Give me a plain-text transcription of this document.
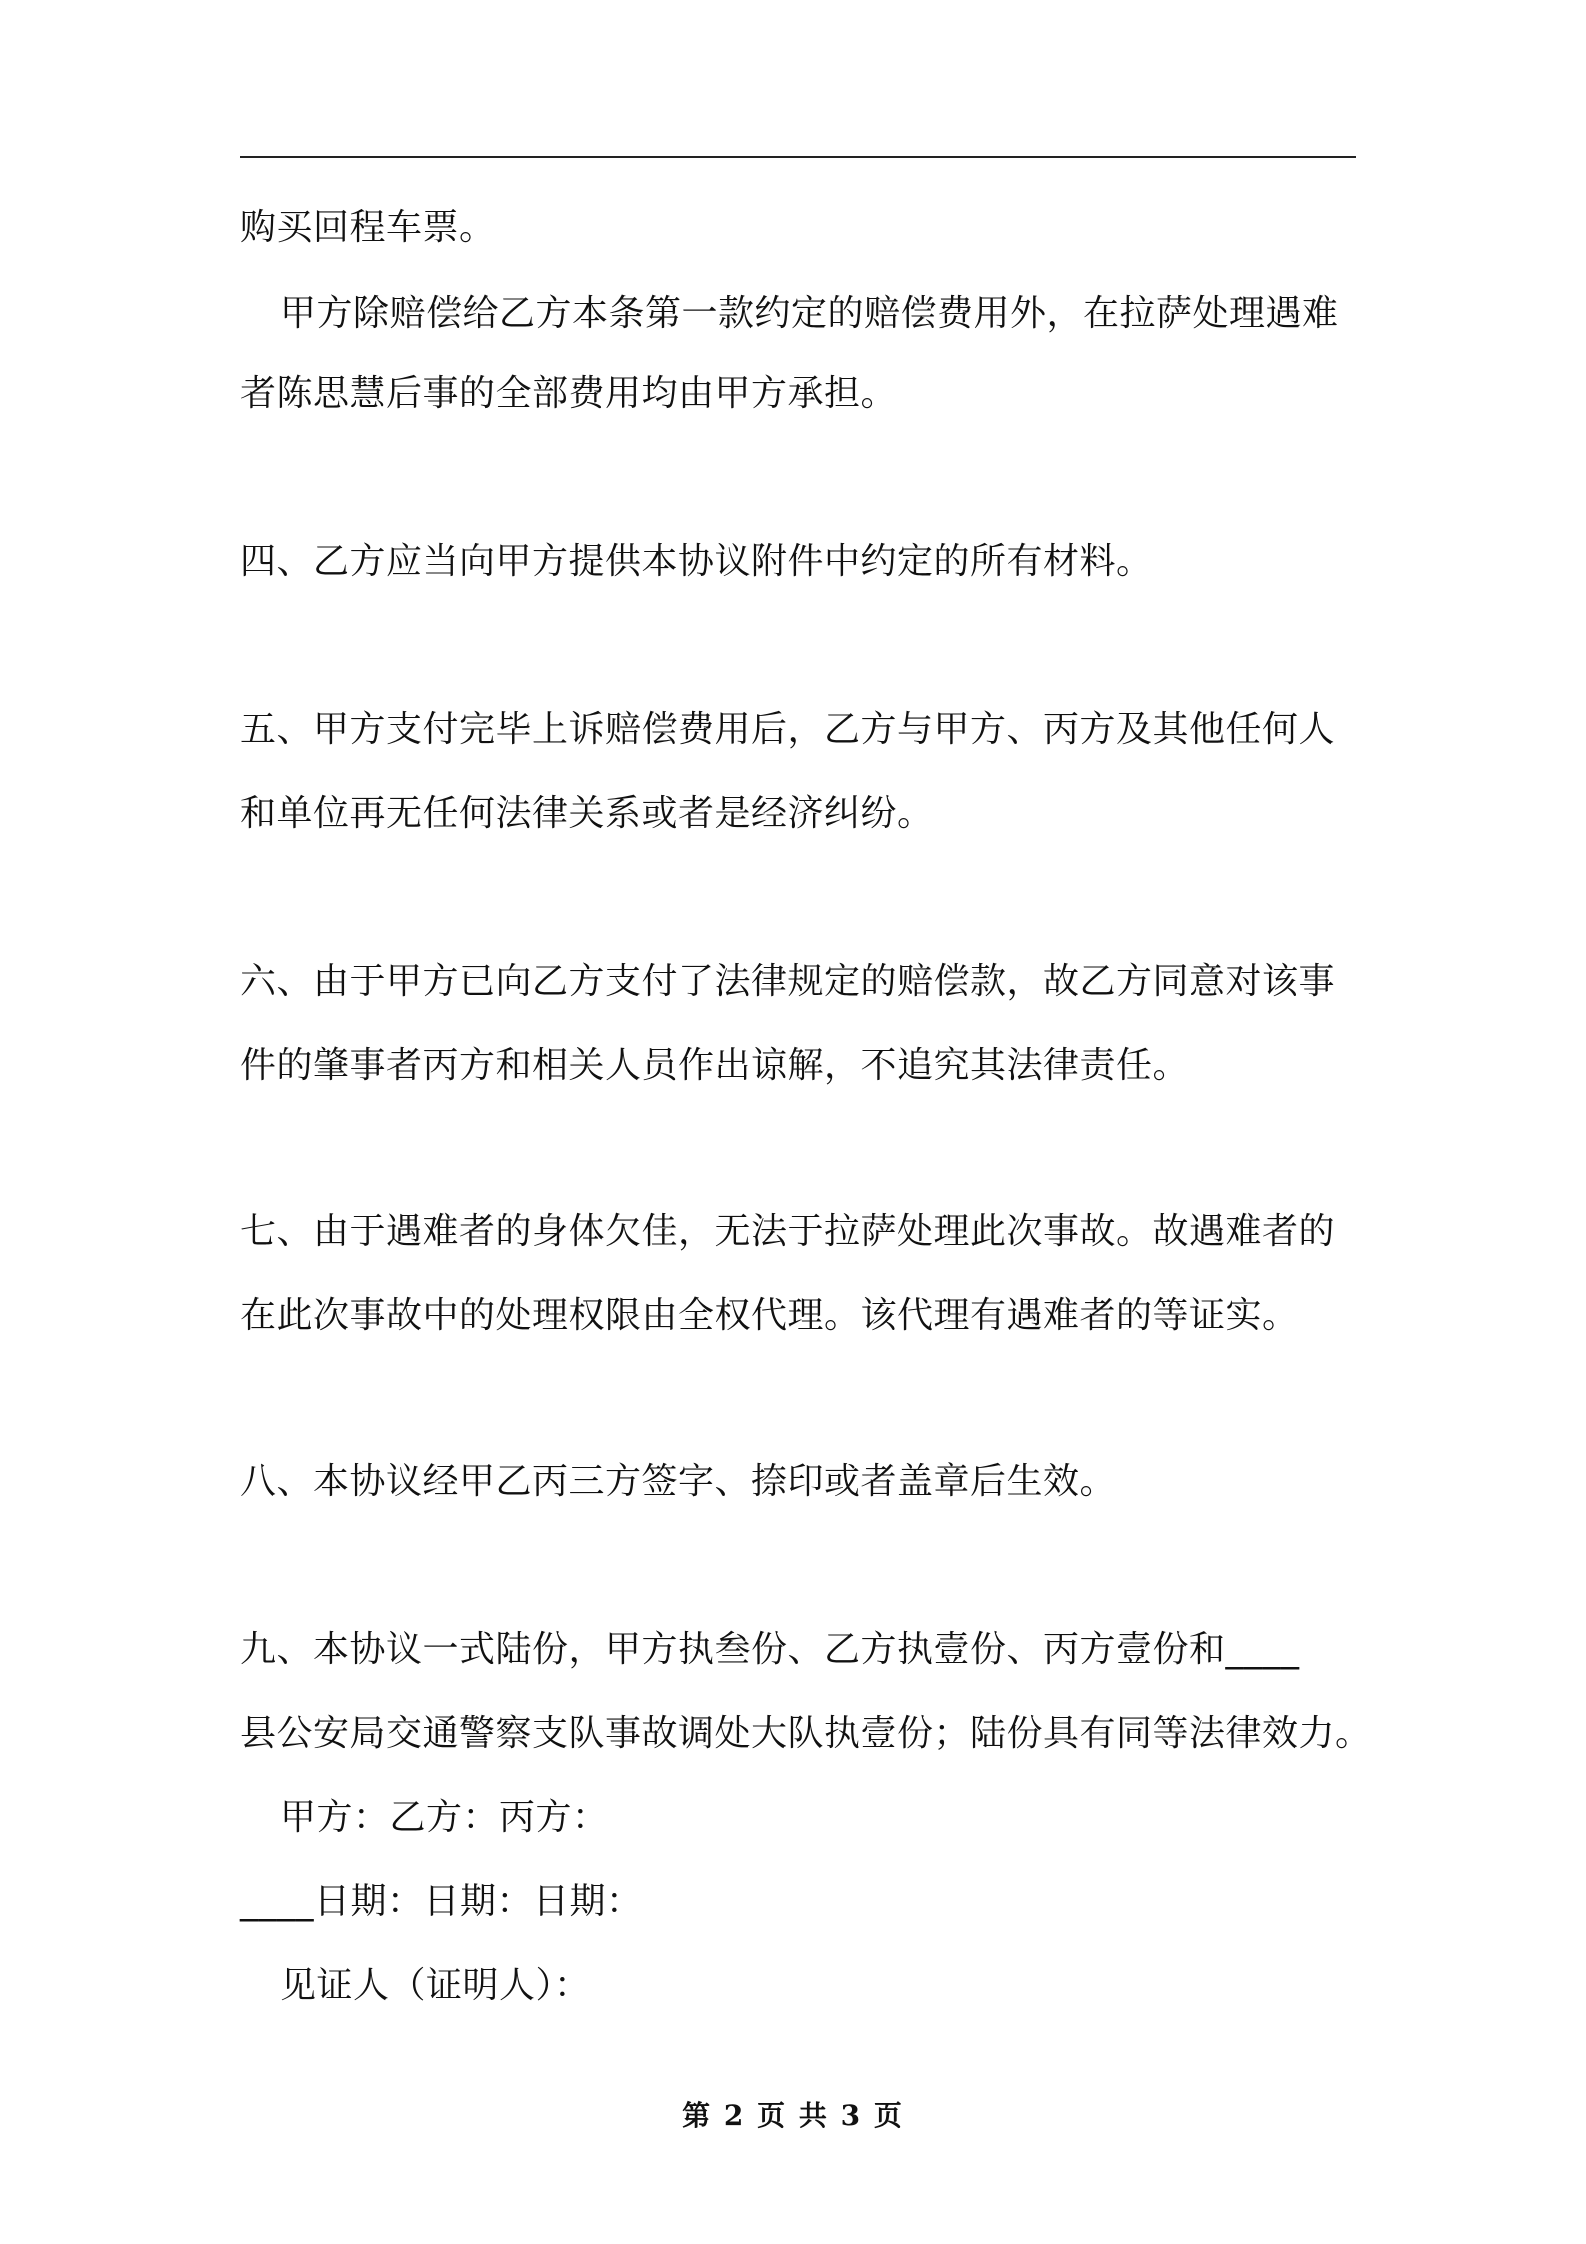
购买回程车票。
甲方除赔偿给乙方本条第一款约定的赔偿费用外，在拉萨处理遇难
者陈思慧后事的全部费用均由甲方承担。
四、乙方应当向甲方提供本协议附件中约定的所有材料。
五、甲方支付完毕上诉赔偿费用后，乙方与甲方、丙方及其他任何人
和单位再无任何法律关系或者是经济纠纷。
六、由于甲方已向乙方支付了法律规定的赔偿款，故乙方同意对该事
件的肇事者丙方和相关人员作出谅解，不追究其法律责任。
七、由于遇难者的身体欠佳，无法于拉萨处理此次事故。故遇难者的
在此次事故中的处理权限由全权代理。该代理有遇难者的等证实。
八、本协议经甲乙丙三方签字、捺印或者盖章后生效。
九、本协议一式陆份，甲方执叁份、乙方执壹份、丙方壹份和____
县公安局交通警察支队事故调处大队执壹份；陆份具有同等法律效力。
甲方：乙方：丙方：
____日期：日期：日期：
见证人（证明人）：
第 2 页 共 3 页
